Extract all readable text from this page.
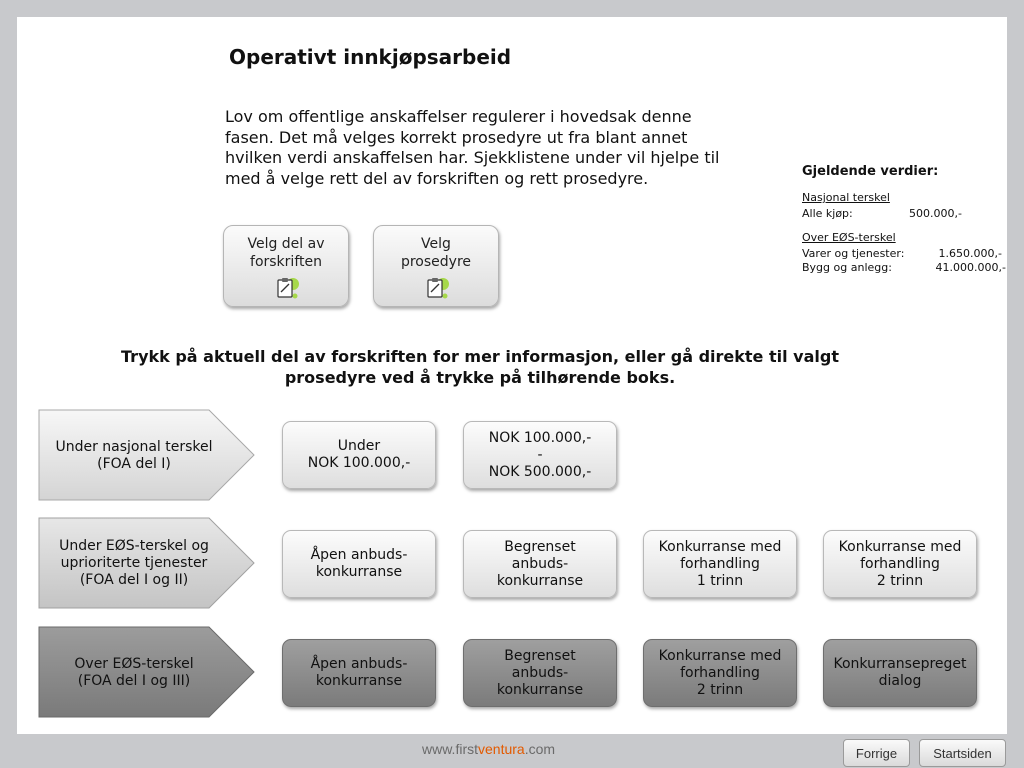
Operativt innkjøpsarbeid
Lov om offentlige anskaffelser regulerer i hovedsak denne fasen. Det må velges korrekt prosedyre ut fra blant annet hvilken verdi anskaffelsen har. Sjekklistene under vil hjelpe til med å velge rett del av forskriften og rett prosedyre.	Gjeldende verdier:
Nasjonal terskel
Alle kjøp:	500.000,-
Over EØS-terskel
Varer og tjenester:	1.650.000,-
Bygg og anlegg:	41.000.000,-
Velg del av forskriften
Velg prosedyre
Trykk på aktuell del av forskriften for mer informasjon, eller gå direkte til valgt prosedyre ved å trykke på tilhørende boks.
Under nasjonal terskel
(FOA del I)
Under
NOK 100.000,-
NOK 100.000,-
-
NOK 500.000,-
Under EØS-terskel og
uprioriterte tjenester
(FOA del I og II)
Åpen anbuds-
konkurranse
Begrenset
anbuds-
konkurranse
Konkurranse med
forhandling
1 trinn
Konkurranse med
forhandling
2 trinn
Over EØS-terskel
(FOA del I og III)
Åpen anbuds-
konkurranse
Begrenset
anbuds-
konkurranse
Konkurranse med
forhandling
2 trinn
Konkurransepreget
dialog
www.firstventura.com	Forrige	Startsiden
